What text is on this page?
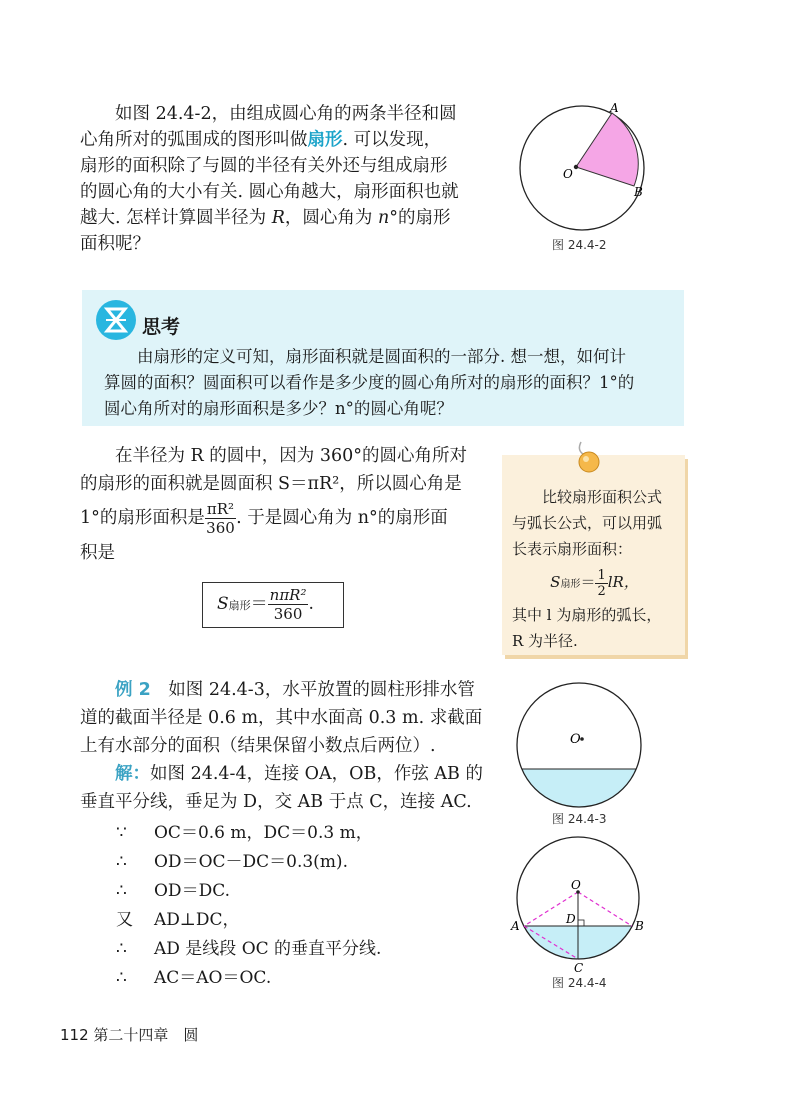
如图 24.4-2，由组成圆心角的两条半径和圆

心角所对的弧围成的图形叫做扇形. 可以发现，

扇形的面积除了与圆的半径有关外还与组成扇形

的圆心角的大小有关. 圆心角越大，扇形面积也就

越大. 怎样计算圆半径为 R，圆心角为 n°的扇形

面积呢？

A
B
O
图 24.4-2
思考
由扇形的定义可知，扇形面积就是圆面积的一部分. 想一想，如何计
算圆的面积？圆面积可以看作是多少度的圆心角所对的扇形的面积？1°的
圆心角所对的扇形面积是多少？n°的圆心角呢？

在半径为 R 的圆中，因为 360°的圆心角所对

的扇形的面积就是圆面积 S＝πR²，所以圆心角是

1°的扇形面积是 $\frac{\text{πR²}}{360}$ . 于是圆心角为 n°的扇形面

积是

S扇形＝ $\frac{\text{nπR²}}{360}$ .
比较扇形面积公式
与弧长公式，可以用弧
长表示扇形面积：
S扇形＝ $\frac{1}{2}$ lR，
其中 l 为扇形的弧长，
R 为半径.

例 2　 如图 24.4-3，水平放置的圆柱形排水管

道的截面半径是 0.6 m，其中水面高 0.3 m. 求截面

上有水部分的面积（结果保留小数点后两位）.

解：如图 24.4-4，连接 OA，OB，作弦 AB 的

垂直平分线，垂足为 D，交 AB 于点 C，连接 AC.

∵ OC＝0.6 m，DC＝0.3 m，
∴ OD＝OC－DC＝0.3(m).
∴ OD＝DC.
又 AD⊥DC，
∴ AD 是线段 OC 的垂直平分线.
∴ AC＝AO＝OC.
O
图 24.4-3
O
A	B
D
C
图 24.4-4
112 第二十四章　圆
